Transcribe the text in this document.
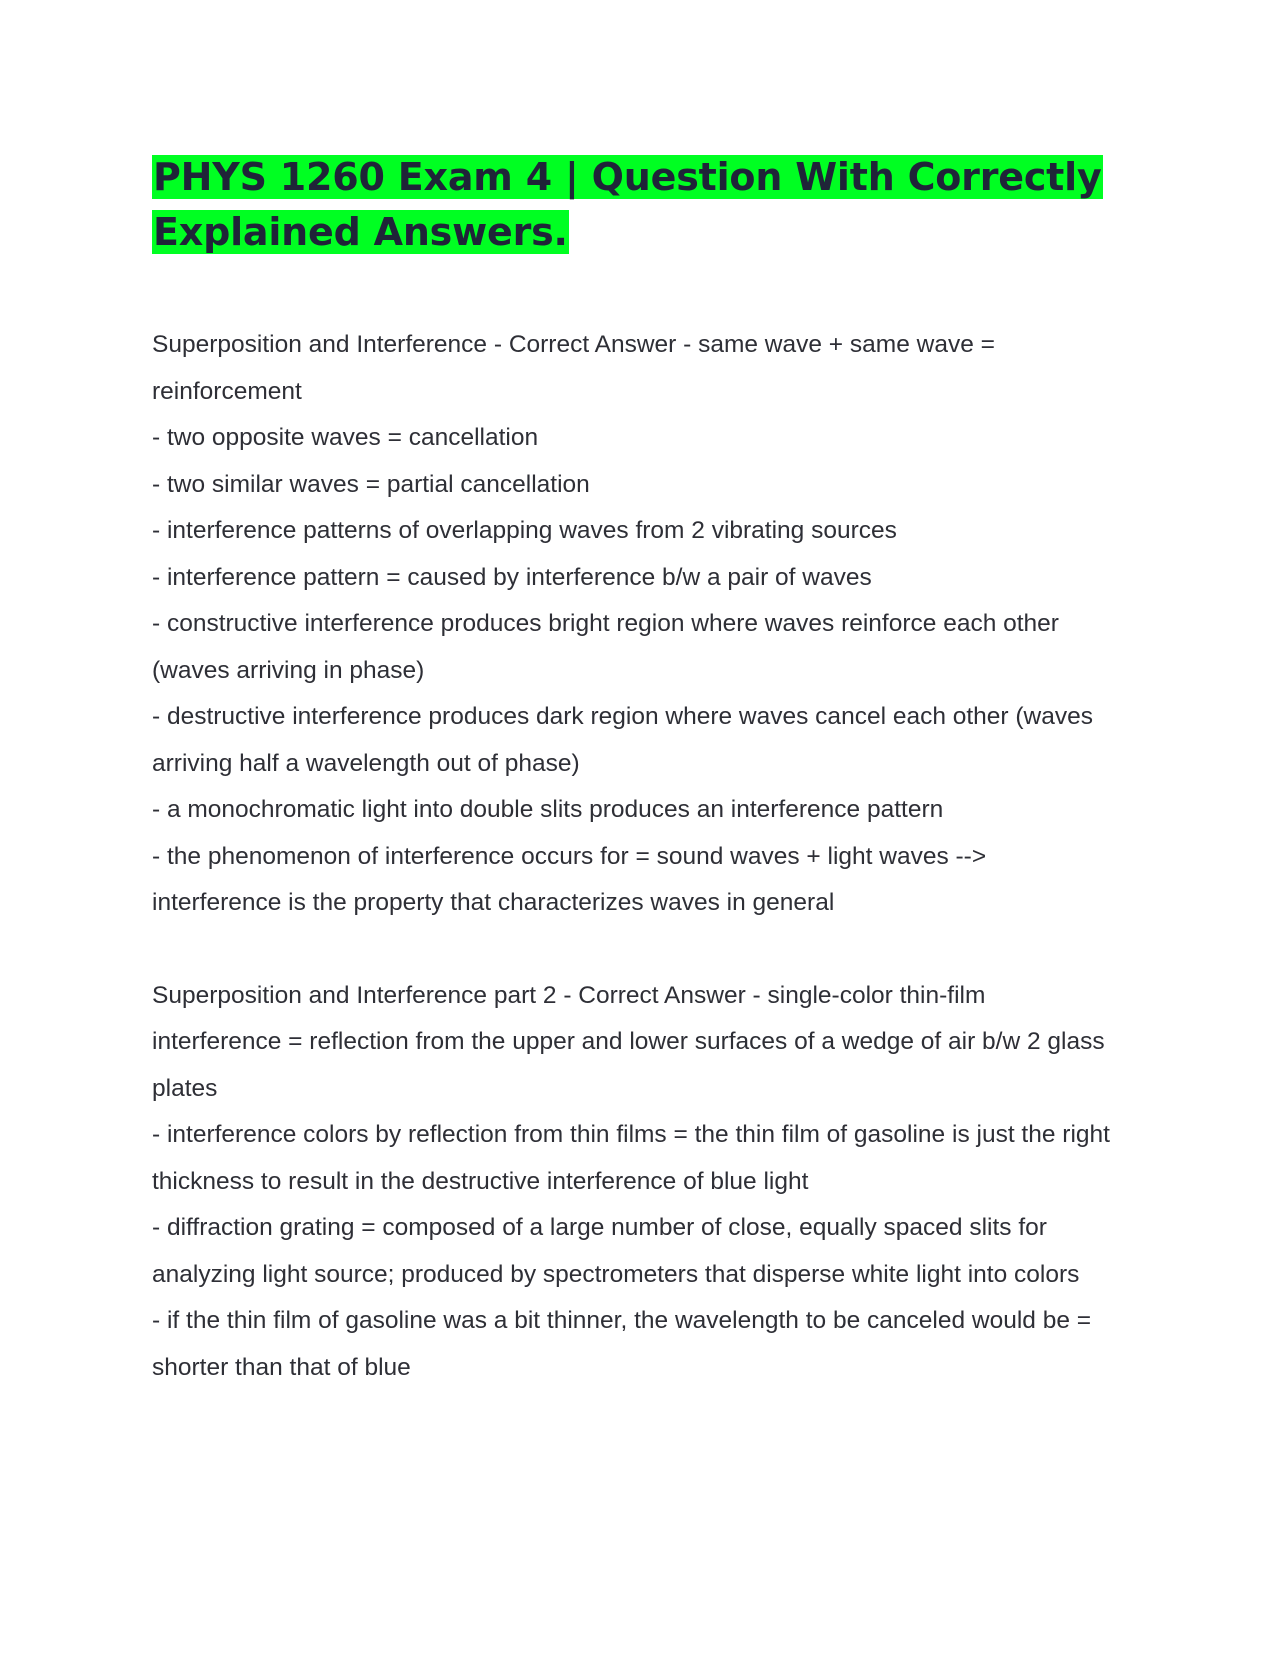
PHYS 1260 Exam 4 | Question With Correctly Explained Answers.
Superposition and Interference - Correct Answer - same wave + same wave = reinforcement
- two opposite waves = cancellation
- two similar waves = partial cancellation
- interference patterns of overlapping waves from 2 vibrating sources
- interference pattern = caused by interference b/w a pair of waves
- constructive interference produces bright region where waves reinforce each other (waves arriving in phase)
- destructive interference produces dark region where waves cancel each other (waves arriving half a wavelength out of phase)
- a monochromatic light into double slits produces an interference pattern
- the phenomenon of interference occurs for = sound waves + light waves --> interference is the property that characterizes waves in general
Superposition and Interference part 2 - Correct Answer - single-color thin-film interference = reflection from the upper and lower surfaces of a wedge of air b/w 2 glass plates
- interference colors by reflection from thin films = the thin film of gasoline is just the right thickness to result in the destructive interference of blue light
- diffraction grating = composed of a large number of close, equally spaced slits for analyzing light source; produced by spectrometers that disperse white light into colors
- if the thin film of gasoline was a bit thinner, the wavelength to be canceled would be = shorter than that of blue
